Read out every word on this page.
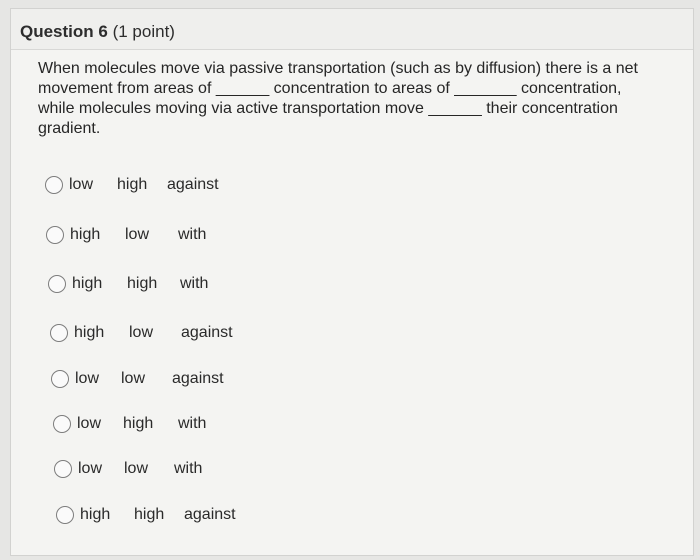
Question 6 (1 point)
When molecules move via passive transportation (such as by diffusion) there is a net
movement from areas of ______ concentration to areas of _______ concentration,
while molecules moving via active transportation move ______ their concentration
gradient.
low	high	against
high	low	with
high	high	with
high	low	against
low	low	against
low	high	with
low	low	with
high	high	against
